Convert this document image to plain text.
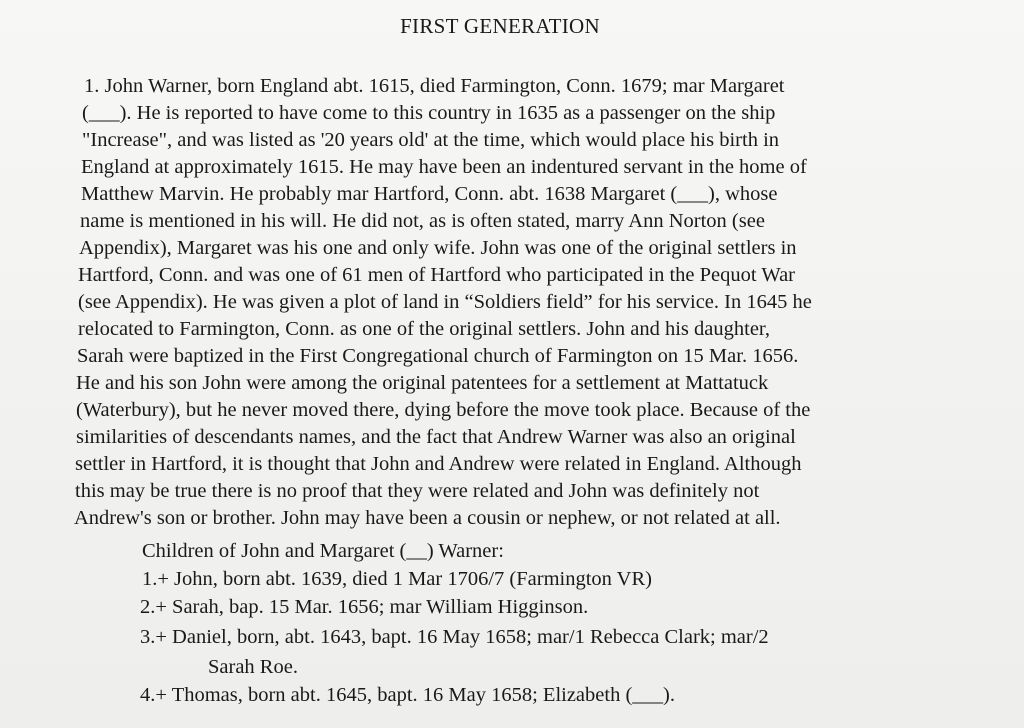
FIRST GENERATION
1. John Warner, born England abt. 1615, died Farmington, Conn. 1679; mar Margaret
(___). He is reported to have come to this country in 1635 as a passenger on the ship
"Increase", and was listed as '20 years old' at the time, which would place his birth in
England at approximately 1615. He may have been an indentured servant in the home of
Matthew Marvin. He probably mar Hartford, Conn. abt. 1638 Margaret (___), whose
name is mentioned in his will. He did not, as is often stated, marry Ann Norton (see
Appendix), Margaret was his one and only wife. John was one of the original settlers in
Hartford, Conn. and was one of 61 men of Hartford who participated in the Pequot War
(see Appendix). He was given a plot of land in “Soldiers field” for his service. In 1645 he
relocated to Farmington, Conn. as one of the original settlers. John and his daughter,
Sarah were baptized in the First Congregational church of Farmington on 15 Mar. 1656.
He and his son John were among the original patentees for a settlement at Mattatuck
(Waterbury), but he never moved there, dying before the move took place. Because of the
similarities of descendants names, and the fact that Andrew Warner was also an original
settler in Hartford, it is thought that John and Andrew were related in England. Although
this may be true there is no proof that they were related and John was definitely not
Andrew's son or brother. John may have been a cousin or nephew, or not related at all.
Children of John and Margaret (__) Warner:
1.+ John, born abt. 1639, died 1 Mar 1706/7 (Farmington VR)
2.+ Sarah, bap. 15 Mar. 1656; mar William Higginson.
3.+ Daniel, born, abt. 1643, bapt. 16 May 1658; mar/1 Rebecca Clark; mar/2
Sarah Roe.
4.+ Thomas, born abt. 1645, bapt. 16 May 1658; Elizabeth (___).
